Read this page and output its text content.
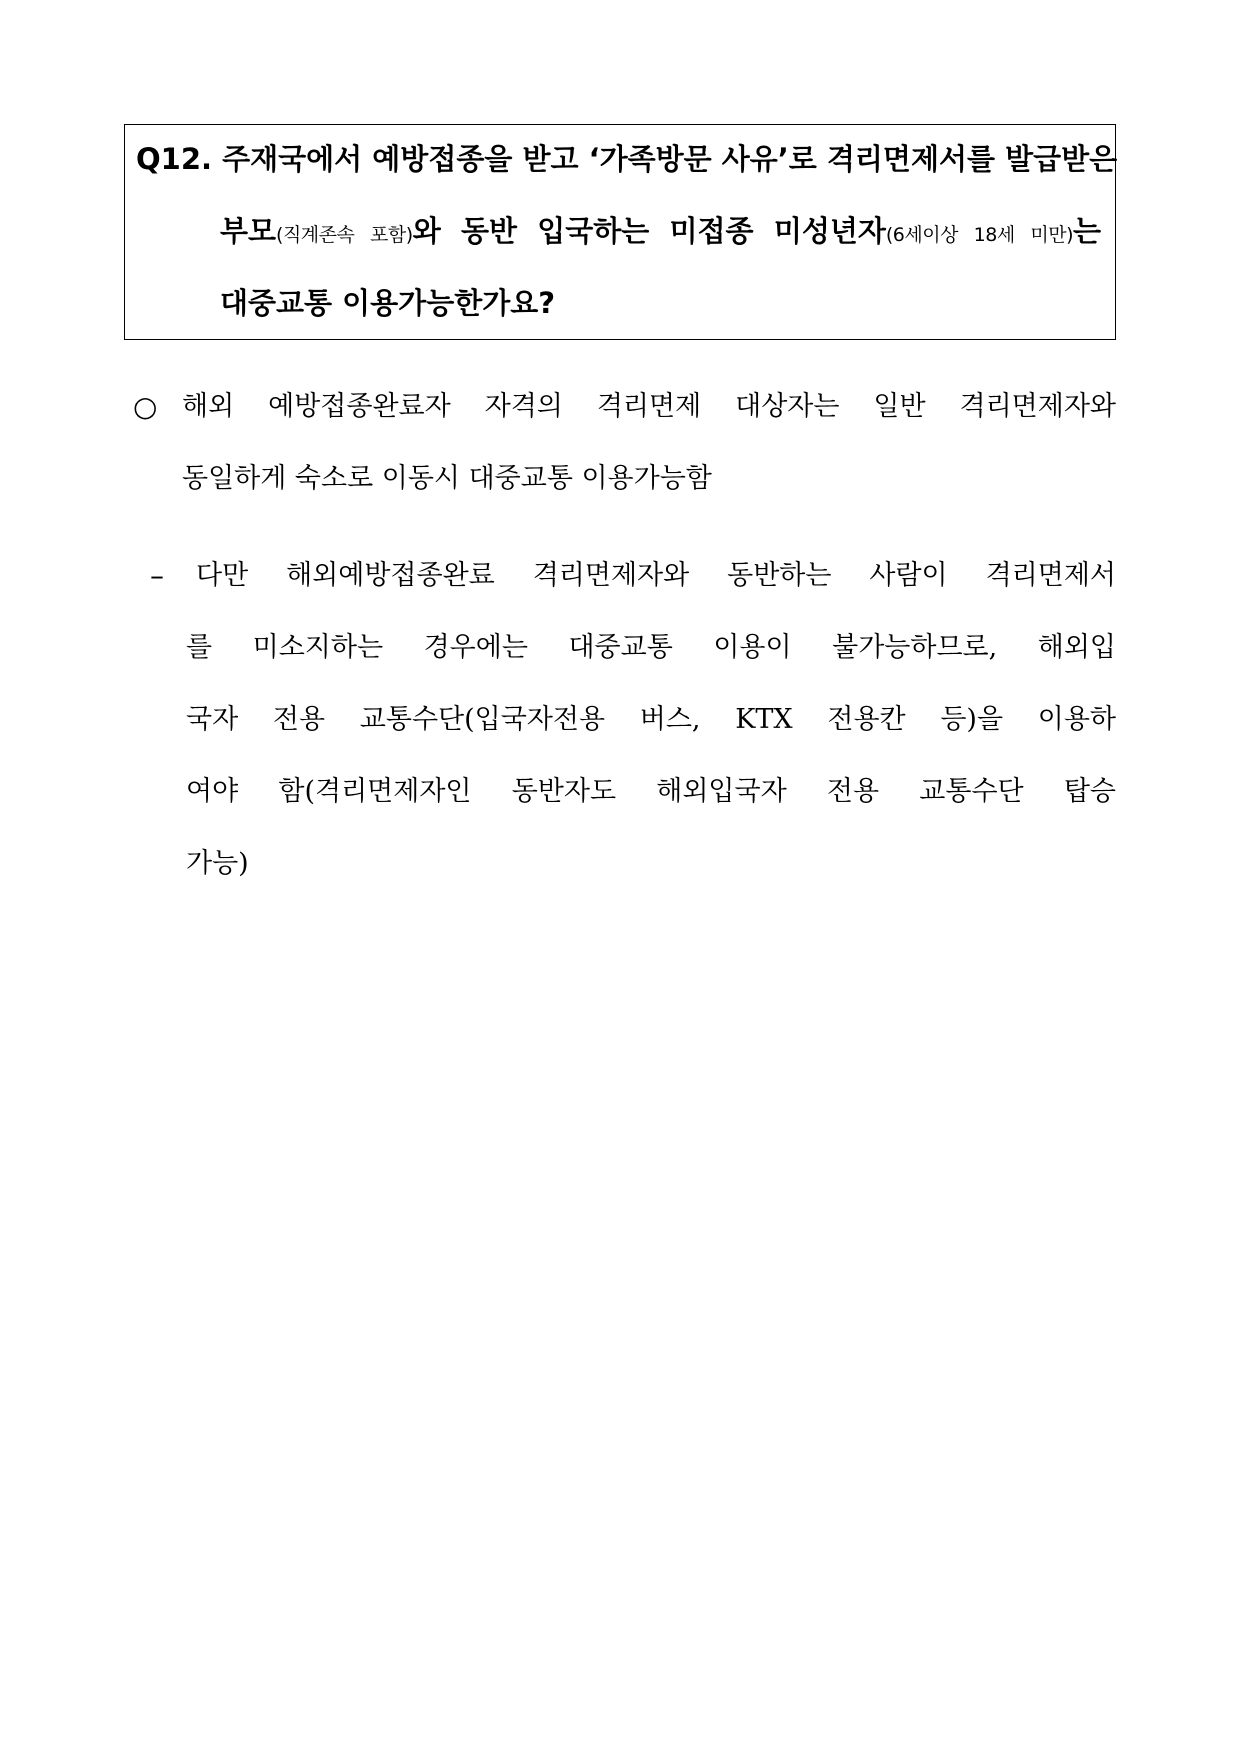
Q12. 주재국에서 예방접종을 받고 ‘가족방문 사유’로 격리면제서를 발급받은
부모(직계존속 포함)와 동반 입국하는 미접종 미성년자(6세이상 18세 미만)는
대중교통 이용가능한가요?
○ 해외 예방접종완료자 자격의 격리면제 대상자는 일반 격리면제자와
동일하게 숙소로 이동시 대중교통 이용가능함
– 다만 해외예방접종완료 격리면제자와 동반하는 사람이 격리면제서
를 미소지하는 경우에는 대중교통 이용이 불가능하므로, 해외입
국자 전용 교통수단(입국자전용 버스, KTX 전용칸 등)을 이용하
여야 함(격리면제자인 동반자도 해외입국자 전용 교통수단 탑승
가능)
